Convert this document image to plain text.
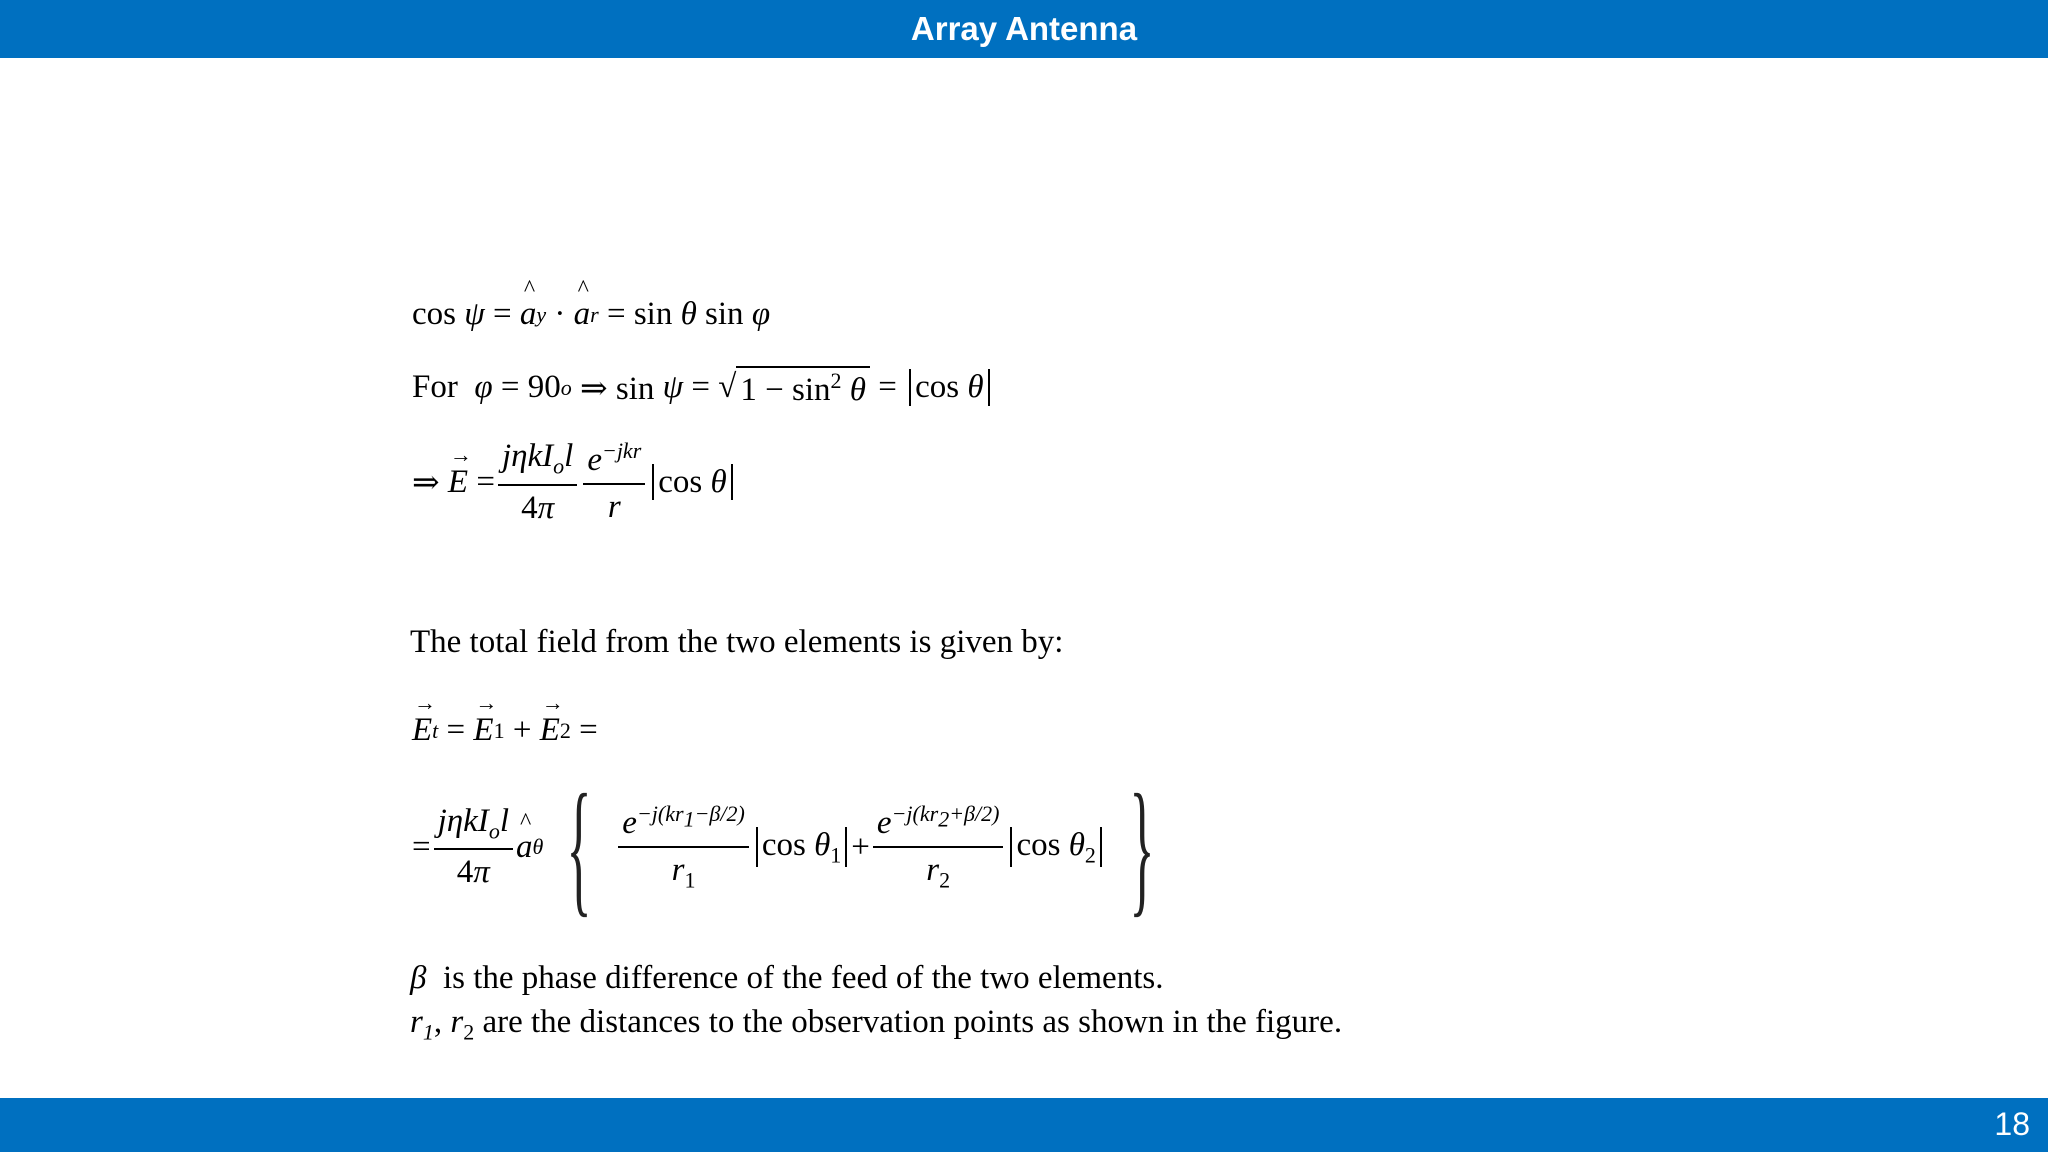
Array Antenna
cos
ψ = ^ a y · ^ a r = sin θ sin φ
For
φ = 90 o ⇒ sin ψ = √ $1 - \sin^2 \theta = \cos \theta$
⇒ → $E = \frac{j\eta kI_ol}{4\pi} \frac{e^{-jkr}}{r}$ cos θ
The total field from the two elements is given by:
→ E t = → E 1 + → E 2 =
= $\frac{j\eta kI_ol}{4\pi}$ ^ a θ { $\frac{e^{-j(kr_1-\beta/2)}}{r_1}$ $\cos \theta_1 + \frac{e^{-j(kr_2+\beta/2)}}{r_2}$ $\cos \theta_2$ }
β is the phase difference of the feed of the two elements.
$r_1$, $r_2$ are the distances to the observation points as shown in the figure.
18
